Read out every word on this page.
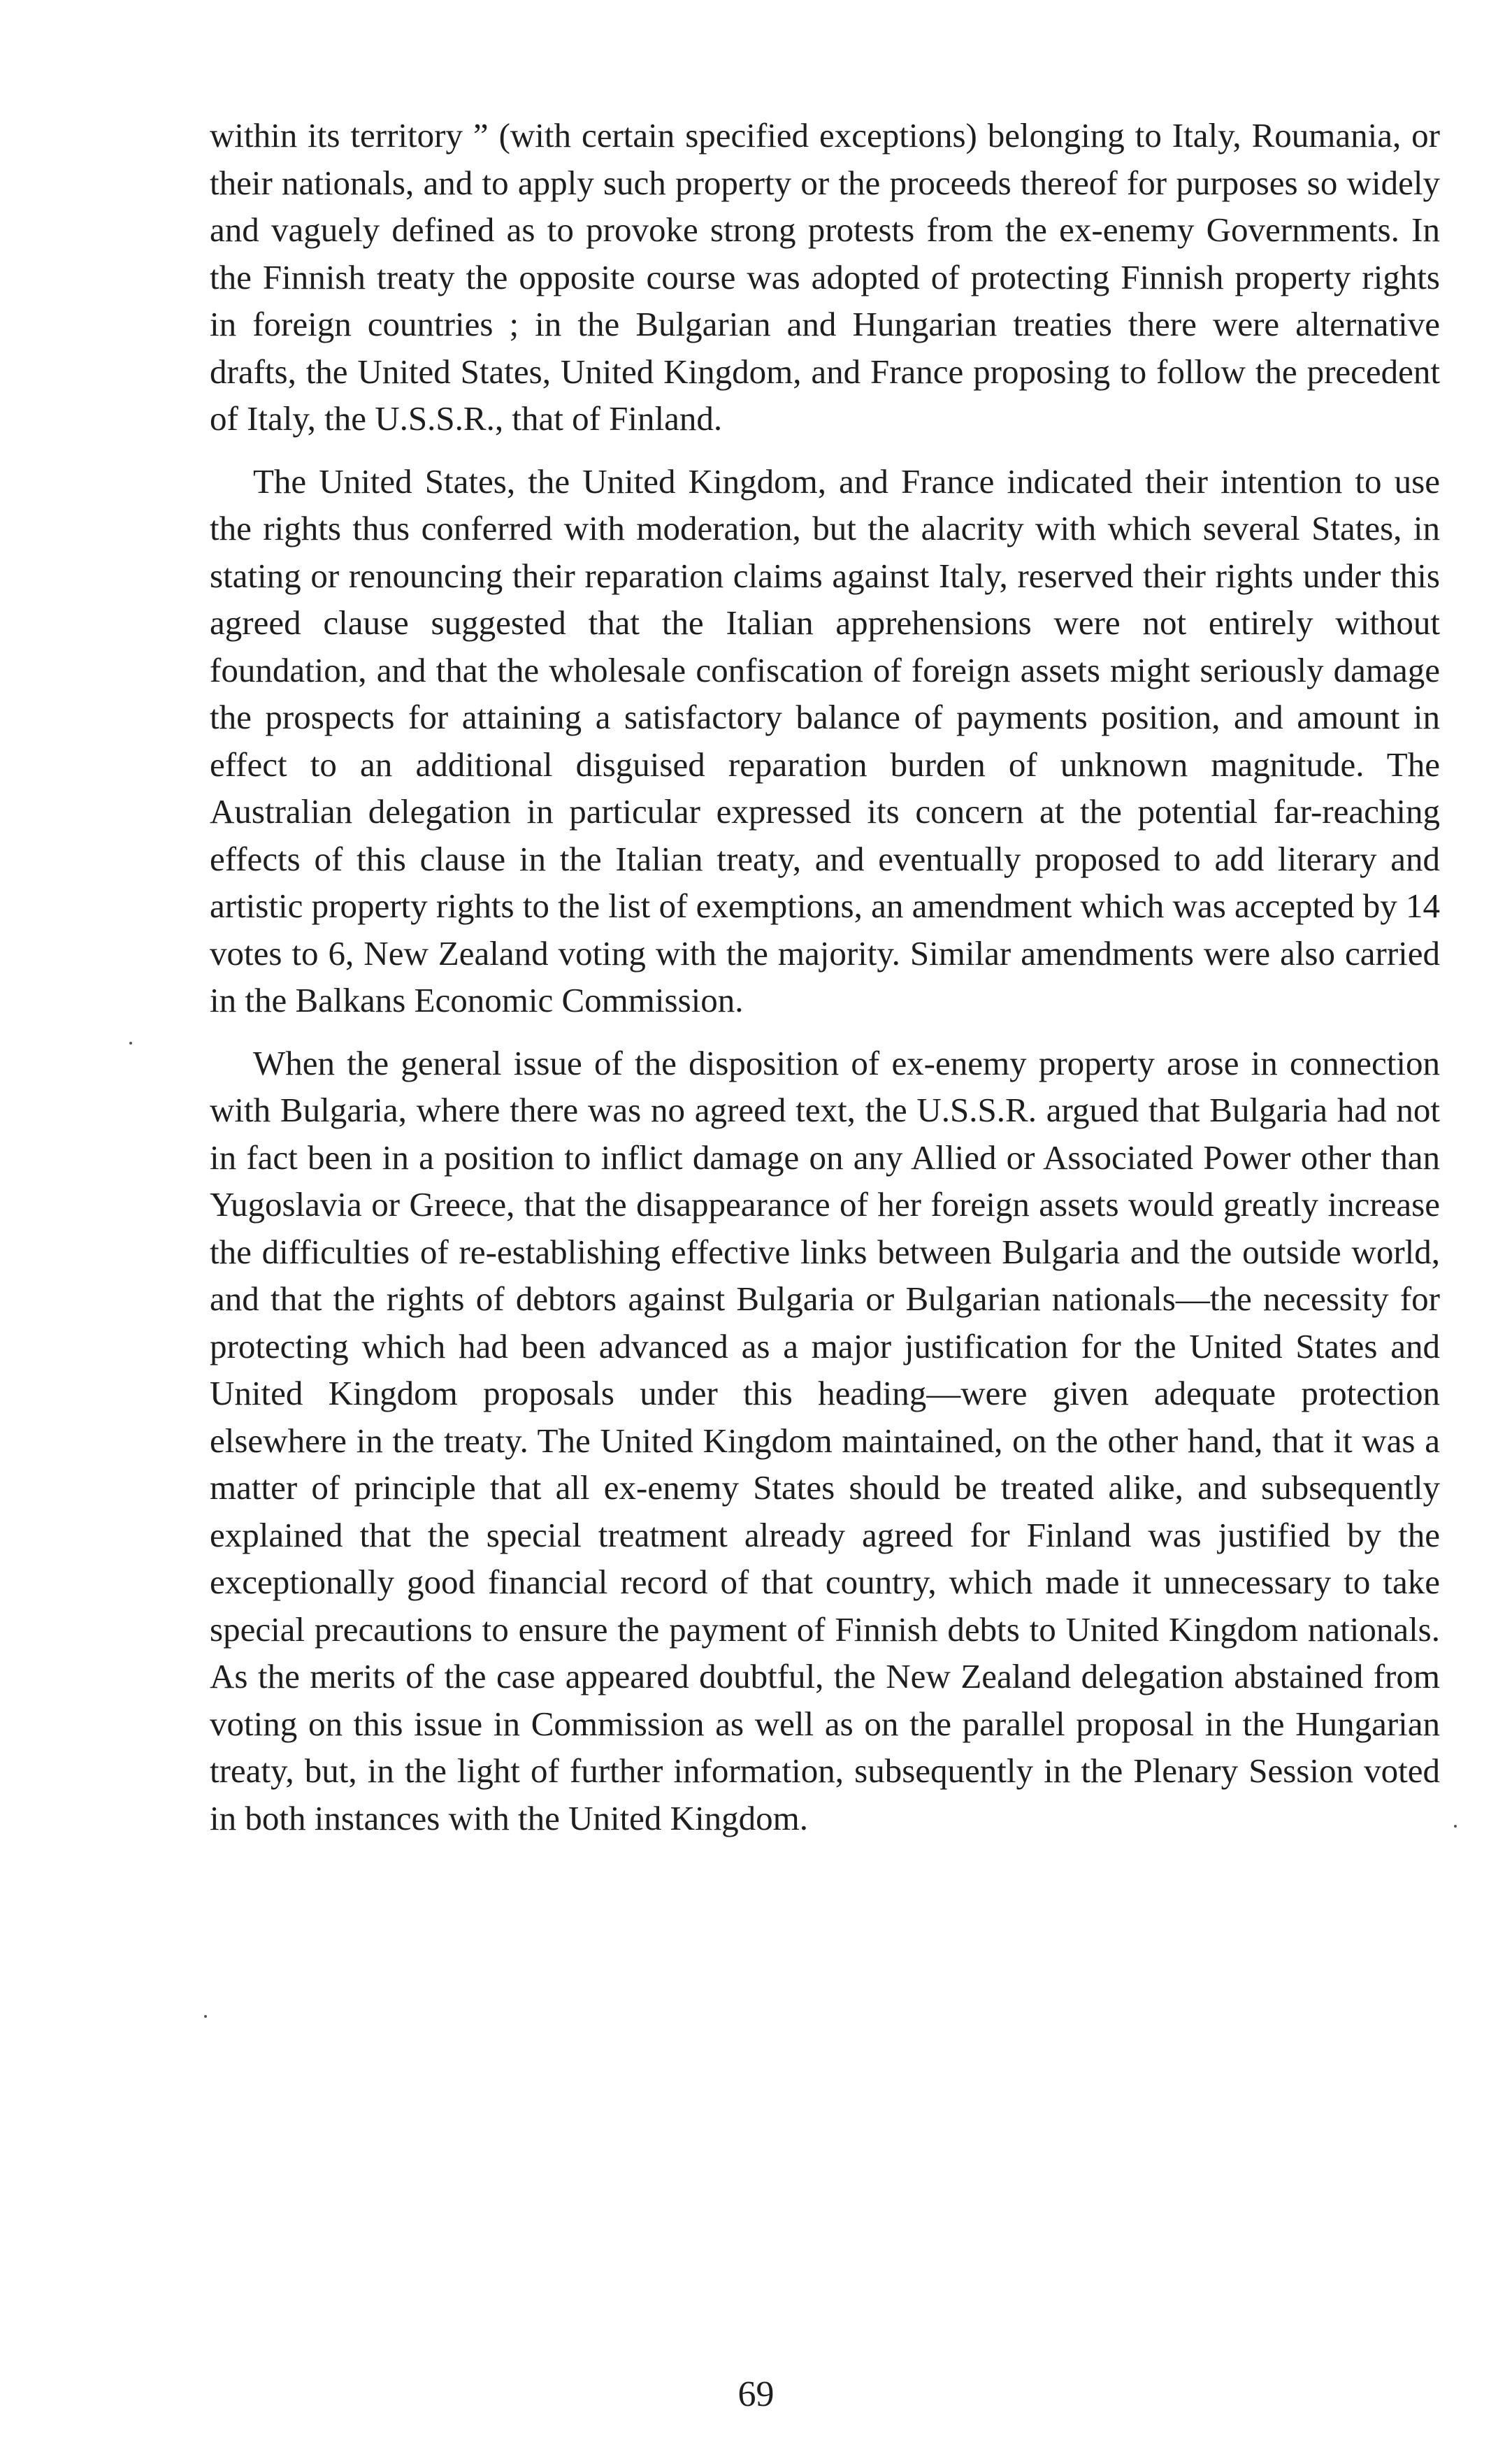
within its territory ” (with certain specified exceptions) belonging to Italy, Roumania, or their nationals, and to apply such property or the proceeds thereof for purposes so widely and vaguely defined as to provoke strong protests from the ex-enemy Governments. In the Finnish treaty the opposite course was adopted of protecting Finnish property rights in foreign countries ; in the Bulgarian and Hungarian treaties there were alternative drafts, the United States, United Kingdom, and France proposing to follow the precedent of Italy, the U.S.S.R., that of Finland.

The United States, the United Kingdom, and France indicated their intention to use the rights thus conferred with moderation, but the alacrity with which several States, in stating or renouncing their reparation claims against Italy, reserved their rights under this agreed clause suggested that the Italian apprehensions were not entirely without foundation, and that the wholesale confiscation of foreign assets might seriously damage the prospects for attaining a satisfactory balance of payments position, and amount in effect to an additional disguised reparation burden of unknown magnitude. The Australian delegation in particular expressed its concern at the potential far-reaching effects of this clause in the Italian treaty, and eventually proposed to add literary and artistic property rights to the list of exemptions, an amendment which was accepted by 14 votes to 6, New Zealand voting with the majority. Similar amendments were also carried in the Balkans Economic Commission.

When the general issue of the disposition of ex-enemy property arose in connection with Bulgaria, where there was no agreed text, the U.S.S.R. argued that Bulgaria had not in fact been in a position to inflict damage on any Allied or Associated Power other than Yugoslavia or Greece, that the disappearance of her foreign assets would greatly increase the difficulties of re-establishing effective links between Bulgaria and the outside world, and that the rights of debtors against Bulgaria or Bulgarian nationals—the necessity for protecting which had been advanced as a major justification for the United States and United Kingdom proposals under this heading—were given adequate protection elsewhere in the treaty. The United Kingdom maintained, on the other hand, that it was a matter of principle that all ex-enemy States should be treated alike, and subsequently explained that the special treatment already agreed for Finland was justified by the exceptionally good financial record of that country, which made it unnecessary to take special precautions to ensure the payment of Finnish debts to United Kingdom nationals. As the merits of the case appeared doubtful, the New Zealand delegation abstained from voting on this issue in Commission as well as on the parallel proposal in the Hungarian treaty, but, in the light of further information, subsequently in the Plenary Session voted in both instances with the United Kingdom.

69
